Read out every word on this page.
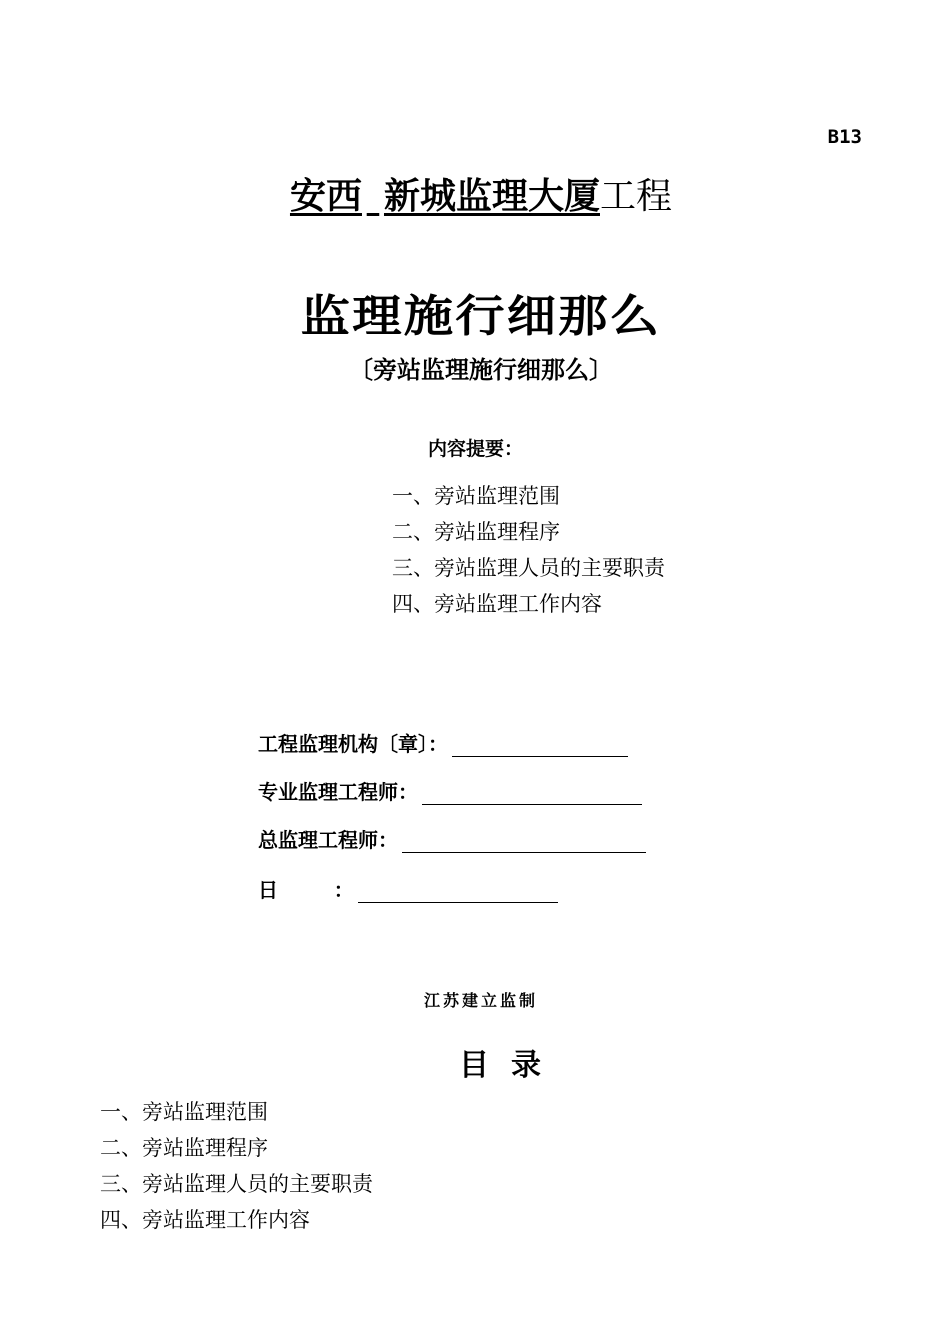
B13
安西 新城监理大厦工程
监理施行细那么
〔旁站监理施行细那么〕
内容提要：
一、旁站监理范围
二、旁站监理程序
三、旁站监理人员的主要职责
四、旁站监理工作内容
工程监理机构〔章〕：
专业监理工程师：
总监理工程师：
日        ：
江苏建立监制
目录
一、旁站监理范围
二、旁站监理程序
三、旁站监理人员的主要职责
四、旁站监理工作内容
